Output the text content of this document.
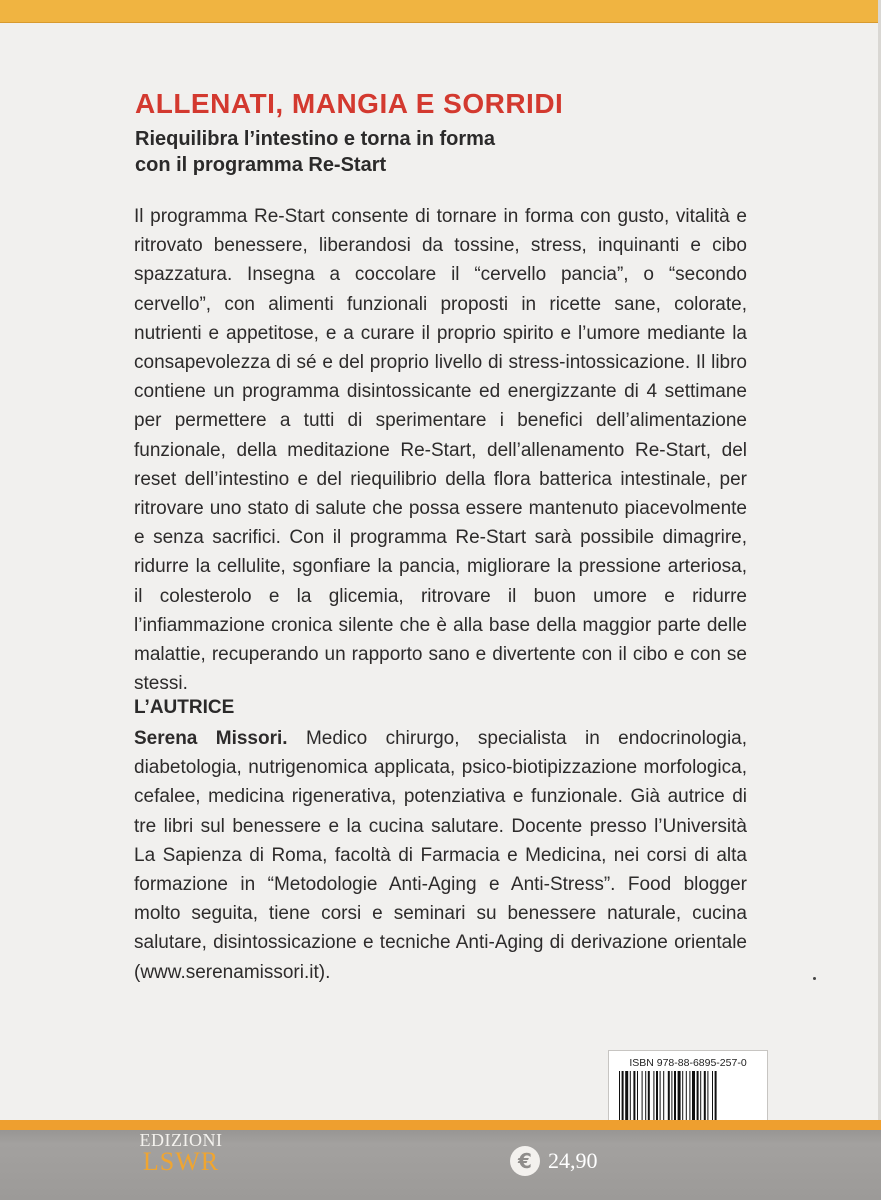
ALLENATI, MANGIA E SORRIDI
Riequilibra l’intestino e torna in forma
con il programma Re-Start

Il programma Re-Start consente di tornare in forma con gusto, vitalità e ritrovato benessere, liberandosi da tossine, stress, inquinanti e cibo spazzatura. Insegna a coccolare il “cervello pancia”, o “secondo cervello”, con alimenti funzionali proposti in ricette sane, colorate, nutrienti e appetitose, e a curare il proprio spirito e l’umore mediante la consapevolezza di sé e del proprio livello di stress-intossicazione. Il libro contiene un programma disintossicante ed energizzante di 4 settimane per permettere a tutti di sperimentare i benefici dell’alimentazione funzionale, della meditazione Re-Start, dell’allenamento Re-Start, del reset dell’intestino e del riequilibrio della flora batterica intestinale, per ritrovare uno stato di salute che possa essere mantenuto piacevolmente e senza sacrifici. Con il programma Re-Start sarà possibile dimagrire, ridurre la cellulite, sgonfiare la pancia, migliorare la pressione arteriosa, il colesterolo e la glicemia, ritrovare il buon umore e ridurre l’infiammazione cronica silente che è alla base della maggior parte delle malattie, recuperando un rapporto sano e divertente con il cibo e con se stessi.

L’AUTRICE

Serena Missori. Medico chirurgo, specialista in endocrinologia, diabetologia, nutrigenomica applicata, psico-biotipizzazione morfologica, cefalee, medicina rigenerativa, potenziativa e funzionale. Già autrice di tre libri sul benessere e la cucina salutare. Docente presso l’Università La Sapienza di Roma, facoltà di Farmacia e Medicina, nei corsi di alta formazione in “Metodologie Anti-Aging e Anti-Stress”. Food blogger molto seguita, tiene corsi e seminari su benessere naturale, cucina salutare, disintossicazione e tecniche Anti-Aging di derivazione orientale (www.serenamissori.it).

ISBN 978-88-6895-257-0
EDIZIONI
LSWR	€ 24,90
